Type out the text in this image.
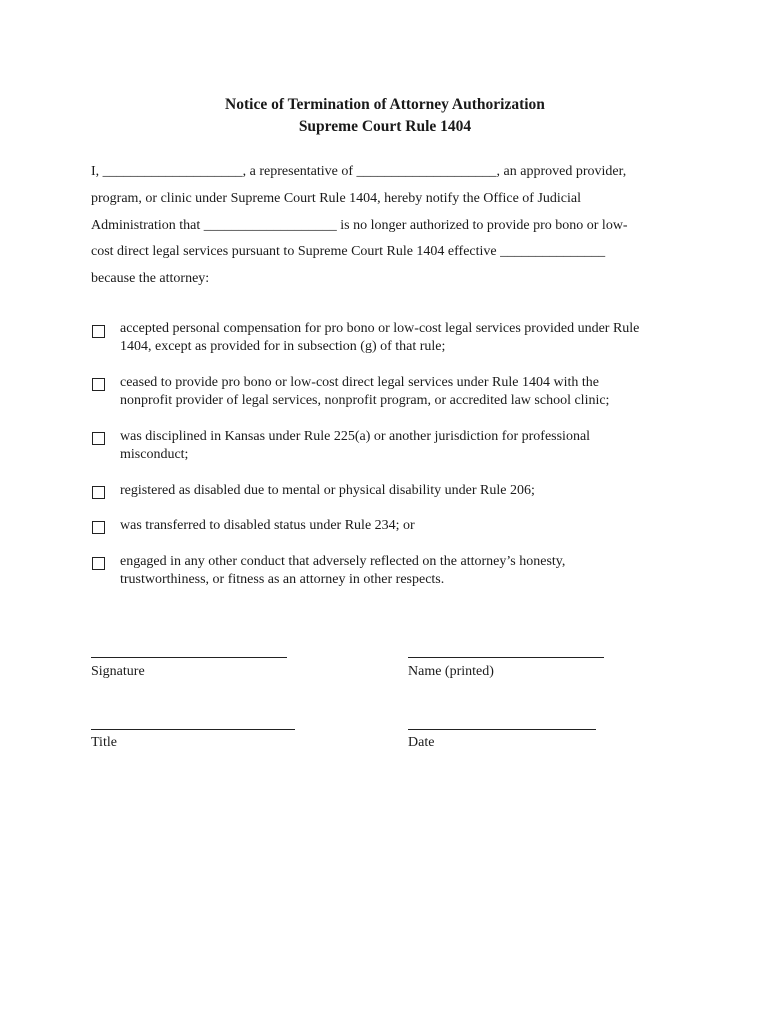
Notice of Termination of Attorney Authorization
Supreme Court Rule 1404
I, ____________________, a representative of ____________________, an approved provider,
program, or clinic under Supreme Court Rule 1404, hereby notify the Office of Judicial
Administration that ___________________ is no longer authorized to provide pro bono or low-
cost direct legal services pursuant to Supreme Court Rule 1404 effective _______________
because the attorney:
accepted personal compensation for pro bono or low-cost legal services provided under Rule
1404, except as provided for in subsection (g) of that rule;
ceased to provide pro bono or low-cost direct legal services under Rule 1404 with the
nonprofit provider of legal services, nonprofit program, or accredited law school clinic;
was disciplined in Kansas under Rule 225(a) or another jurisdiction for professional
misconduct;
registered as disabled due to mental or physical disability under Rule 206;
was transferred to disabled status under Rule 234; or
engaged in any other conduct that adversely reflected on the attorney’s honesty,
trustworthiness, or fitness as an attorney in other respects.
Signature	Name (printed)
Title	Date
